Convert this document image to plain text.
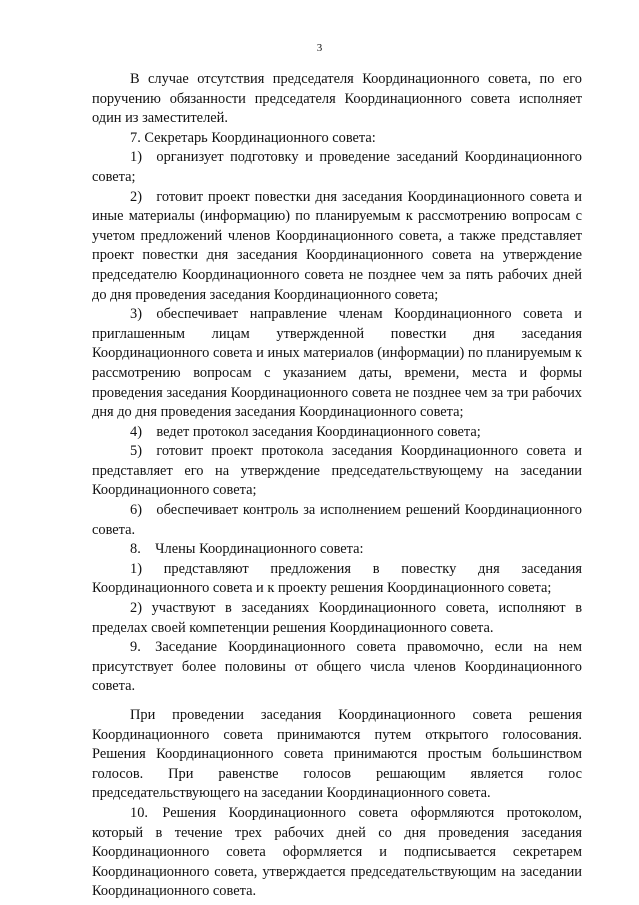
3

В случае отсутствия председателя Координационного совета, по его поручению обязанности председателя Координационного совета исполняет один из заместителей.

7. Секретарь Координационного совета:

1) организует подготовку и проведение заседаний Координационного совета;

2) готовит проект повестки дня заседания Координационного совета и иные материалы (информацию) по планируемым к рассмотрению вопросам с учетом предложений членов Координационного совета, а также представляет проект повестки дня заседания Координационного совета на утверждение председателю Координационного совета не позднее чем за пять рабочих дней до дня проведения заседания Координационного совета;

3) обеспечивает направление членам Координационного совета и приглашенным лицам утвержденной повестки дня заседания Координационного совета и иных материалов (информации) по планируемым к рассмотрению вопросам с указанием даты, времени, места и формы проведения заседания Координационного совета не позднее чем за три рабочих дня до дня проведения заседания Координационного совета;

4) ведет протокол заседания Координационного совета;

5) готовит проект протокола заседания Координационного совета и представляет его на утверждение председательствующему на заседании Координационного совета;

6) обеспечивает контроль за исполнением решений Координационного совета.

8. Члены Координационного совета:

1) представляют предложения в повестку дня заседания Координационного совета и к проекту решения Координационного совета;

2) участвуют в заседаниях Координационного совета, исполняют в пределах своей компетенции решения Координационного совета.

9. Заседание Координационного совета правомочно, если на нем присутствует более половины от общего числа членов Координационного совета.

При проведении заседания Координационного совета решения Координационного совета принимаются путем открытого голосования. Решения Координационного совета принимаются простым большинством голосов. При равенстве голосов решающим является голос председательствующего на заседании Координационного совета.

10. Решения Координационного совета оформляются протоколом, который в течение трех рабочих дней со дня проведения заседания Координационного совета оформляется и подписывается секретарем Координационного совета, утверждается председательствующим на заседании Координационного совета.
